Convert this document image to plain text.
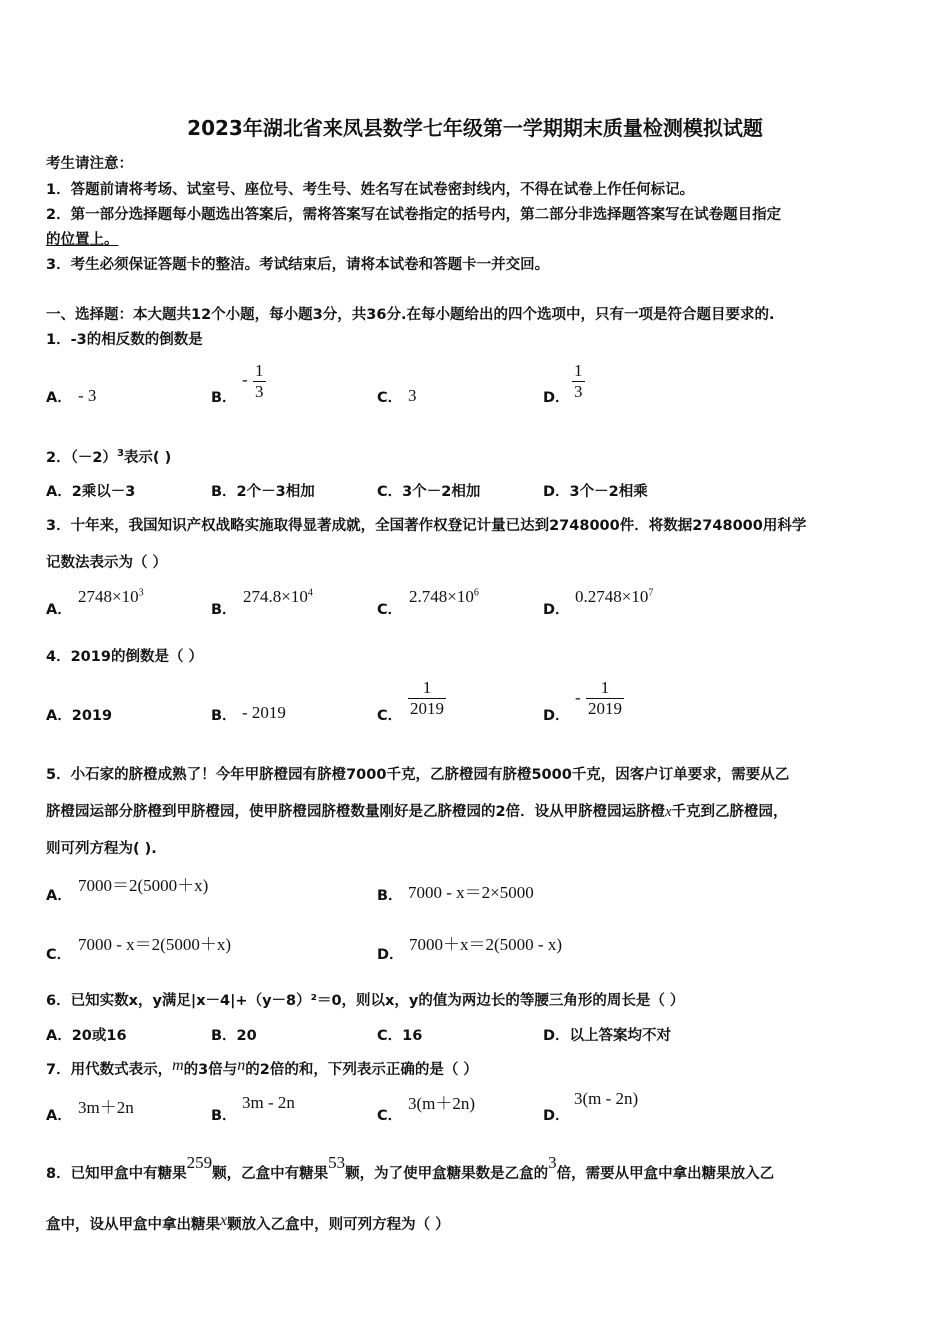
2023年湖北省来凤县数学七年级第一学期期末质量检测模拟试题
考生请注意：
1．答题前请将考场、试室号、座位号、考生号、姓名写在试卷密封线内，不得在试卷上作任何标记。
2．第一部分选择题每小题选出答案后，需将答案写在试卷指定的括号内，第二部分非选择题答案写在试卷题目指定
的位置上。
3．考生必须保证答题卡的整洁。考试结束后，请将本试卷和答题卡一并交回。
一、选择题：本大题共12个小题，每小题3分，共36分.在每小题给出的四个选项中，只有一项是符合题目要求的.
1．-3的相反数的倒数是
A． - 3	B．
- 1
3	C． 3	D．
1
3
2．$(-2)^3$表示( )
A．2乘以－3	B．2个－3相加	C．3个－2相加	D．3个－2相乘
3．十年来，我国知识产权战略实施取得显著成就，全国著作权登记计量已达到2748000件．将数据2748000用科学
记数法表示为（ ）
A．
$2748\times 10^3$
B．
$274.8\times 10^4$
C．
$2.748\times 10^6$
D．
$0.2748\times 10^7$
4．2019的倒数是（ ）
A．2019	B． - 2019	C．
1
2019	D．
-
1
2019
5．小石家的脐橙成熟了！今年甲脐橙园有脐橙7000千克，乙脐橙园有脐橙5000千克，因客户订单要求，需要从乙
脐橙园运部分脐橙到甲脐橙园，使甲脐橙园脐橙数量刚好是乙脐橙园的2倍．设从甲脐橙园运脐橙x千克到乙脐橙园，
则可列方程为( ).
A．
7000＝2(5000＋x)
B． 7000 - x＝2×5000
C．
7000 - x＝2(5000＋x)
D．
7000＋x＝2(5000 - x)
6．已知实数x，y满足|x－4|+（y－8）²＝0，则以x，y的值为两边长的等腰三角形的周长是（ ）
A．20或16	B．20	C．16	D．以上答案均不对
7．用代数式表示，m的3倍与n的2倍的和，下列表示正确的是（ ）
A． 3m＋2n	B．
3m - 2n
C．
3(m＋2n)
D．
3(m - 2n)
8．已知甲盒中有糖果259颗，乙盒中有糖果53颗，为了使甲盒糖果数是乙盒的3倍，需要从甲盒中拿出糖果放入乙
盒中，设从甲盒中拿出糖果x颗放入乙盒中，则可列方程为（ ）
